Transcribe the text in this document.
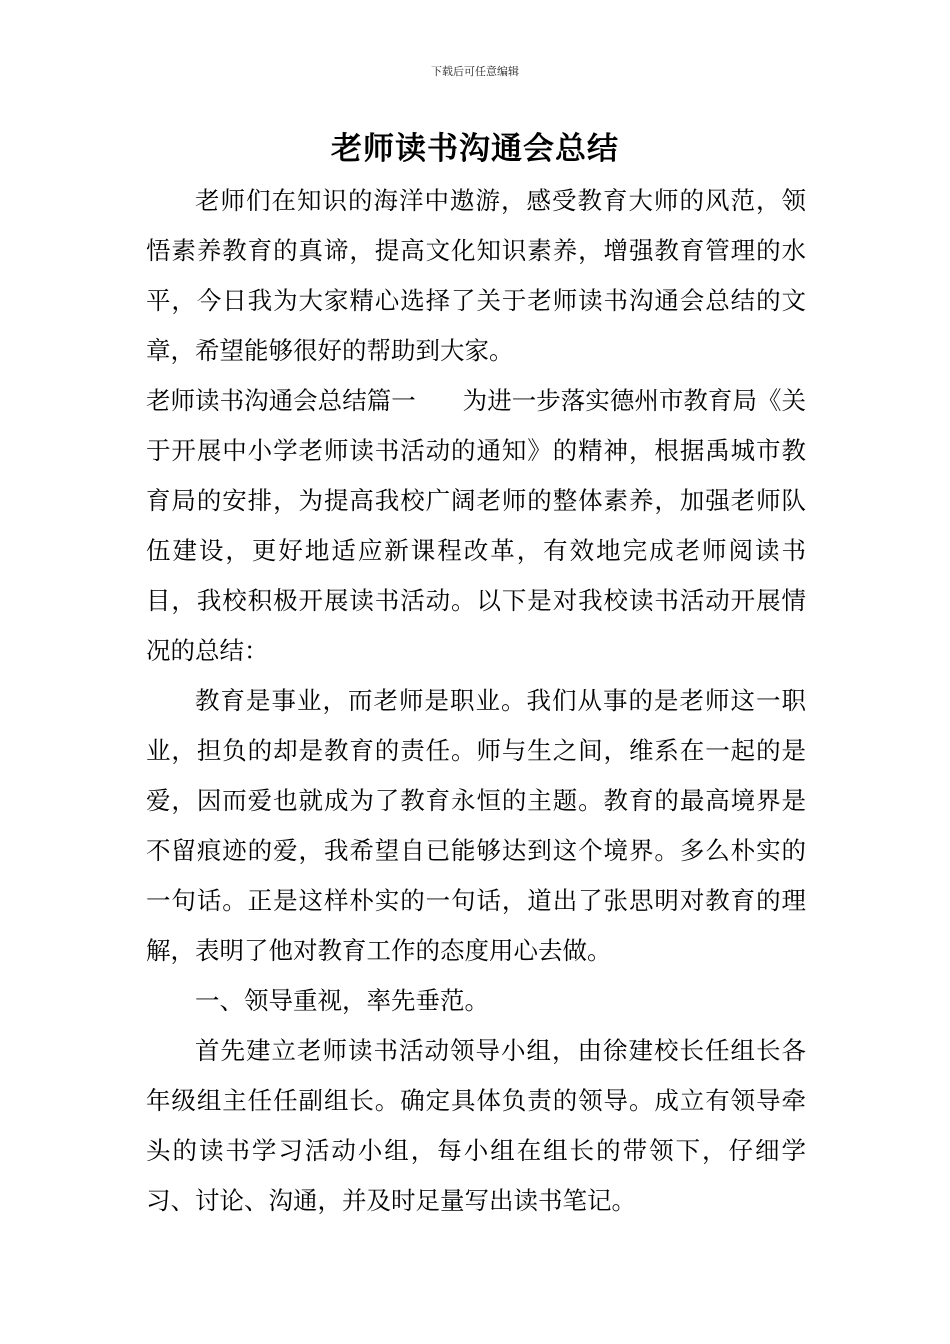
下载后可任意编辑
老师读书沟通会总结

老师们在知识的海洋中遨游，感受教育大师的风范，领悟素养教育的真谛，提高文化知识素养，增强教育管理的水平，今日我为大家精心选择了关于老师读书沟通会总结的文章，希望能够很好的帮助到大家。

老师读书沟通会总结篇一 为进一步落实德州市教育局《关于开展中小学老师读书活动的通知》的精神，根据禹城市教育局的安排，为提高我校广阔老师的整体素养，加强老师队伍建设，更好地适应新课程改革，有效地完成老师阅读书目，我校积极开展读书活动。以下是对我校读书活动开展情况的总结：

教育是事业，而老师是职业。我们从事的是老师这一职业，担负的却是教育的责任。师与生之间，维系在一起的是爱，因而爱也就成为了教育永恒的主题。教育的最高境界是不留痕迹的爱，我希望自已能够达到这个境界。多么朴实的一句话。正是这样朴实的一句话，道出了张思明对教育的理解，表明了他对教育工作的态度用心去做。

一、领导重视，率先垂范。

首先建立老师读书活动领导小组，由徐建校长任组长各年级组主任任副组长。确定具体负责的领导。成立有领导牵头的读书学习活动小组，每小组在组长的带领下，仔细学习、讨论、沟通，并及时足量写出读书笔记。
